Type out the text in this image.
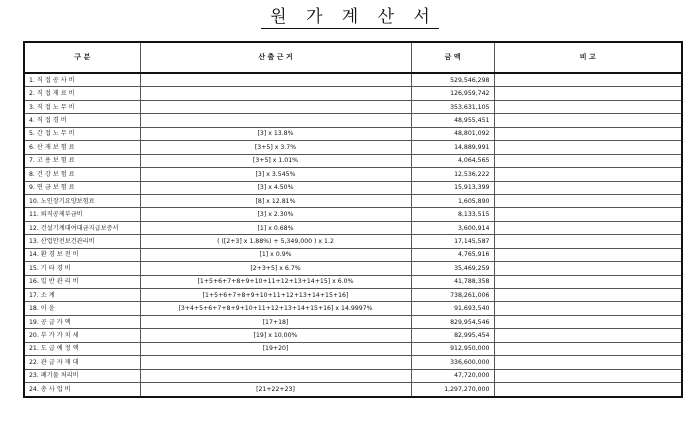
원 가 계 산 서
구 분	산 출 근 거	금 액	비 고
1. 직 접 공 사 비		529,546,298	
2. 직 접 재 료 비		126,959,742	
3. 직 접 노 무 비		353,631,105	
4. 직 접 경 비		48,955,451	
5. 간 접 노 무 비	[3] x 13.8%	48,801,092	
6. 산 재 보 험 료	[3+5] x 3.7%	14,889,991	
7. 고 용 보 험 료	[3+5] x 1.01%	4,064,565	
8. 건 강 보 험 료	[3] x 3.545%	12,536,222	
9. 연 금 보 험 료	[3] x 4.50%	15,913,399	
10. 노인장기요양보험료	[8] x 12.81%	1,605,890	
11. 퇴직공제부금비	[3] x 2.30%	8,133,515	
12. 건설기계대여대금지급보증서	[1] x 0.68%	3,600,914	
13. 산업안전보건관리비	( ([2+3] x 1.88%) + 5,349,000 ) x 1.2	17,145,587	
14. 환 경 보 전 비	[1] x 0.9%	4,765,916	
15. 기 타 경 비	[2+3+5] x 6.7%	35,469,259	
16. 일 반 관 리 비	[1+5+6+7+8+9+10+11+12+13+14+15] x 6.0%	41,788,358	
17. 소 계	[1+5+6+7+8+9+10+11+12+13+14+15+16]	738,261,006	
18. 이 윤	[3+4+5+6+7+8+9+10+11+12+13+14+15+16] x 14.9997%	91,693,540	
19. 공 급 가 액	[17+18]	829,954,546	
20. 부 가 가 치 세	[19] x 10.00%	82,995,454	
21. 도 급 예 정 액	[19+20]	912,950,000	
22. 관 급 자 재 대		336,600,000	
23. 폐기물 처리비		47,720,000	
24. 총 사 업 비	[21+22+23]	1,297,270,000	
